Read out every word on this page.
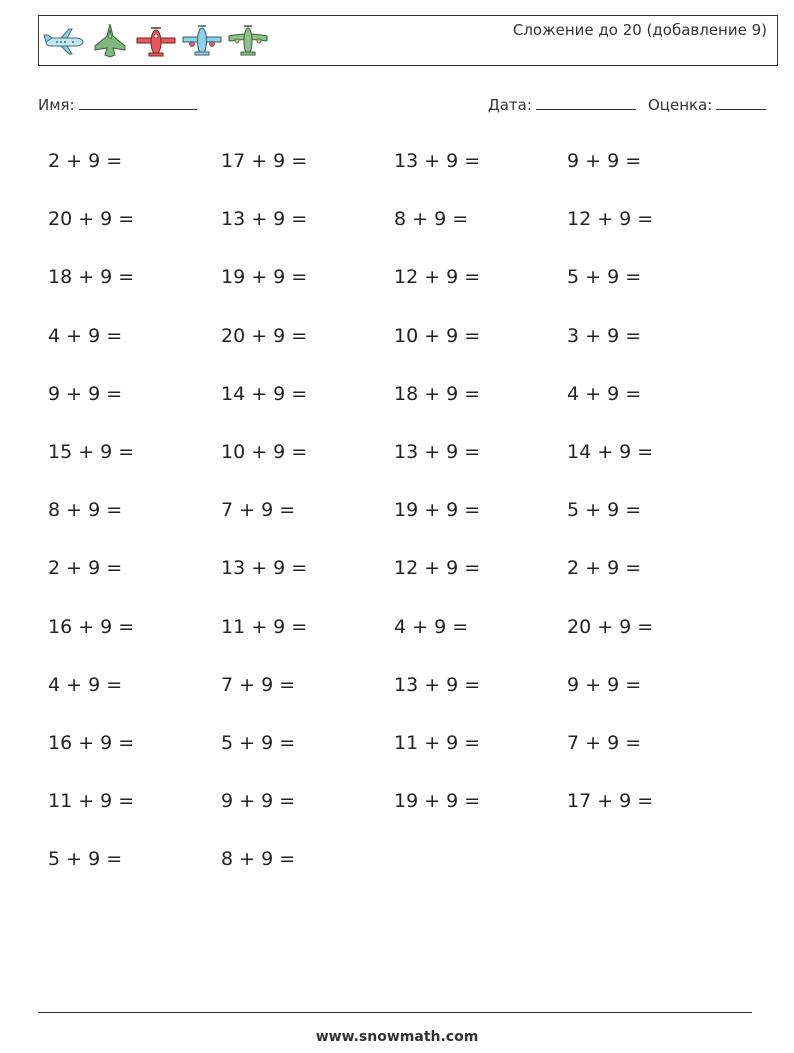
Сложение до 20 (добавление 9)
Имя:	Дата:	Оценка:
2 + 9 =	17 + 9 =	13 + 9 =	9 + 9 =
20 + 9 =	13 + 9 =	8 + 9 =	12 + 9 =
18 + 9 =	19 + 9 =	12 + 9 =	5 + 9 =
4 + 9 =	20 + 9 =	10 + 9 =	3 + 9 =
9 + 9 =	14 + 9 =	18 + 9 =	4 + 9 =
15 + 9 =	10 + 9 =	13 + 9 =	14 + 9 =
8 + 9 =	7 + 9 =	19 + 9 =	5 + 9 =
2 + 9 =	13 + 9 =	12 + 9 =	2 + 9 =
16 + 9 =	11 + 9 =	4 + 9 =	20 + 9 =
4 + 9 =	7 + 9 =	13 + 9 =	9 + 9 =
16 + 9 =	5 + 9 =	11 + 9 =	7 + 9 =
11 + 9 =	9 + 9 =	19 + 9 =	17 + 9 =
5 + 9 =	8 + 9 =
www.snowmath.com
